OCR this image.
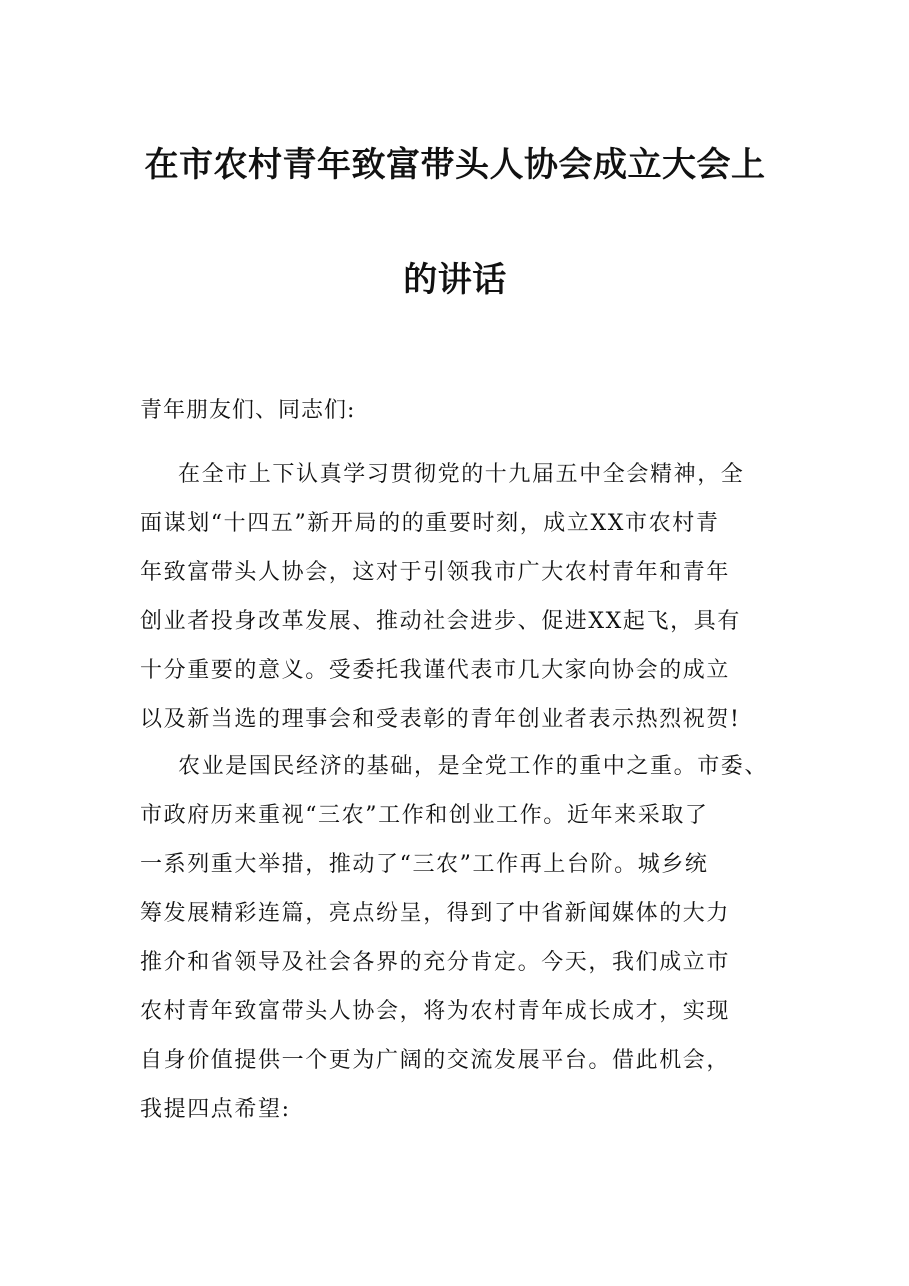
在市农村青年致富带头人协会成立大会上
的讲话

青年朋友们、同志们:

在全市上下认真学习贯彻党的十九届五中全会精神，全
面谋划“十四五”新开局的的重要时刻，成立XX市农村青
年致富带头人协会，这对于引领我市广大农村青年和青年
创业者投身改革发展、推动社会进步、促进XX起飞，具有
十分重要的意义。受委托我谨代表市几大家向协会的成立
以及新当选的理事会和受表彰的青年创业者表示热烈祝贺!

农业是国民经济的基础，是全党工作的重中之重。市委、
市政府历来重视“三农”工作和创业工作。近年来采取了
一系列重大举措，推动了“三农”工作再上台阶。城乡统
筹发展精彩连篇，亮点纷呈，得到了中省新闻媒体的大力
推介和省领导及社会各界的充分肯定。今天，我们成立市
农村青年致富带头人协会，将为农村青年成长成才，实现
自身价值提供一个更为广阔的交流发展平台。借此机会，
我提四点希望:
